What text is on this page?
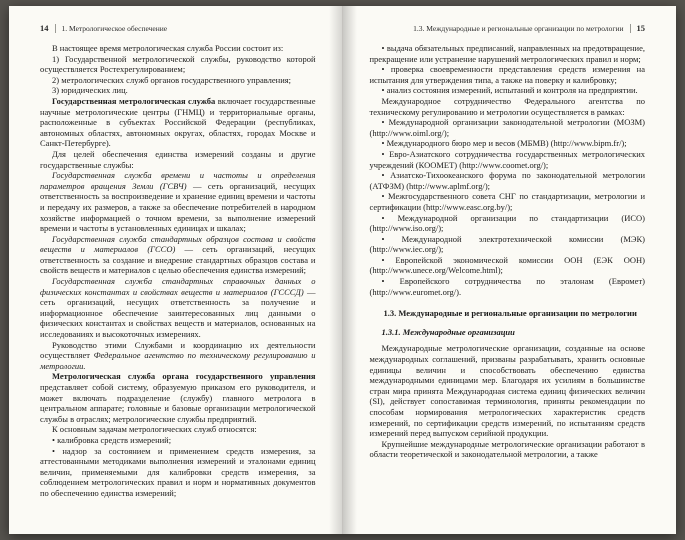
14 1. Метрологическое обеспечение
В настоящее время метрологическая служба России состоит из:
1) Государственной метрологической службы, руководство которой осуществляется Ростехрегулированием;
2) метрологических служб органов государственного управления;
3) юридических лиц.
Государственная метрологическая служба включает государственные научные метрологические центры (ГНМЦ) и территориальные органы, расположенные в субъектах Российской Федерации (республиках, автономных областях, автономных округах, областях, городах Москве и Санкт-Петербурге).
Для целей обеспечения единства измерений созданы и другие государственные службы:
Государственная служба времени и частоты и определения параметров вращения Земли (ГСВЧ) — сеть организаций, несущих ответственность за воспроизведение и хранение единиц времени и частоты и передачу их размеров, а также за обеспечение потребителей в народном хозяйстве информацией о точном времени, за выполнение измерений времени и частоты в установленных единицах и шкалах;
Государственная служба стандартных образцов состава и свойств веществ и материалов (ГССО) — сеть организаций, несущих ответственность за создание и внедрение стандартных образцов состава и свойств веществ и материалов с целью обеспечения единства измерений;
Государственная служба стандартных справочных данных о физических константах и свойствах веществ и материалов (ГСССД) — сеть организаций, несущих ответственность за получение и информационное обеспечение заинтересованных лиц данными о физических константах и свойствах веществ и материалов, основанных на исследованиях и высокоточных измерениях.
Руководство этими Службами и координацию их деятельности осуществляет Федеральное агентство по техническому регулированию и метрологии.
Метрологическая служба органа государственного управления представляет собой систему, образуемую приказом его руководителя, и может включать подразделение (службу) главного метролога в центральном аппарате; головные и базовые организации метрологической службы в отраслях; метрологические службы предприятий.
К основным задачам метрологических служб относятся:
• калибровка средств измерений;
• надзор за состоянием и применением средств измерения, за аттестованными методиками выполнения измерений и эталонами единиц величин, применяемыми для калибровки средств измерения, за соблюдением метрологических правил и норм и нормативных документов по обеспечению единства измерений;
1.3. Международные и региональные организации по метрологии 15
• выдача обязательных предписаний, направленных на предотвращение, прекращение или устранение нарушений метрологических правил и норм;
• проверка своевременности представления средств измерения на испытания для утверждения типа, а также на поверку и калибровку;
• анализ состояния измерений, испытаний и контроля на предприятии.
Международное сотрудничество Федерального агентства по техническому регулированию и метрологии осуществляется в рамках:
• Международной организации законодательной метрологии (МОЗМ) (http://www.oiml.org/);
• Международного бюро мер и весов (МБМВ) (http://www.bipm.fr/);
• Евро-Азиатского сотрудничества государственных метрологических учреждений (КООМЕТ) (http://www.coomet.org/);
• Азиатско-Тихоокеанского форума по законодательной метрологии (АТФЗМ) (http://www.aplmf.org/);
• Межгосударственного совета СНГ по стандартизации, метрологии и сертификации (http://www.easc.org.by/);
• Международной организации по стандартизации (ИСО) (http://www.iso.org/);
• Международной электротехнической комиссии (МЭК) (http://www.iec.org/);
• Европейской экономической комиссии ООН (ЕЭК ООН) (http://www.unece.org/Welcome.html);
• Европейского сотрудничества по эталонам (Евромет) (http://www.euromet.org/).
1.3. Международные и региональные организации по метрологии
1.3.1. Международные организации
Международные метрологические организации, созданные на основе международных соглашений, призваны разрабатывать, хранить основные единицы величин и способствовать обеспечению единства международными единицами мер. Благодаря их усилиям в большинстве стран мира принята Международная система единиц физических величин (SI), действует сопоставимая терминология, приняты рекомендации по способам нормирования метрологических характеристик средств измерений, по сертификации средств измерений, по испытаниям средств измерений перед выпуском серийной продукции.
Крупнейшие международные метрологические организации работают в области теоретической и законодательной метрологии, а также
